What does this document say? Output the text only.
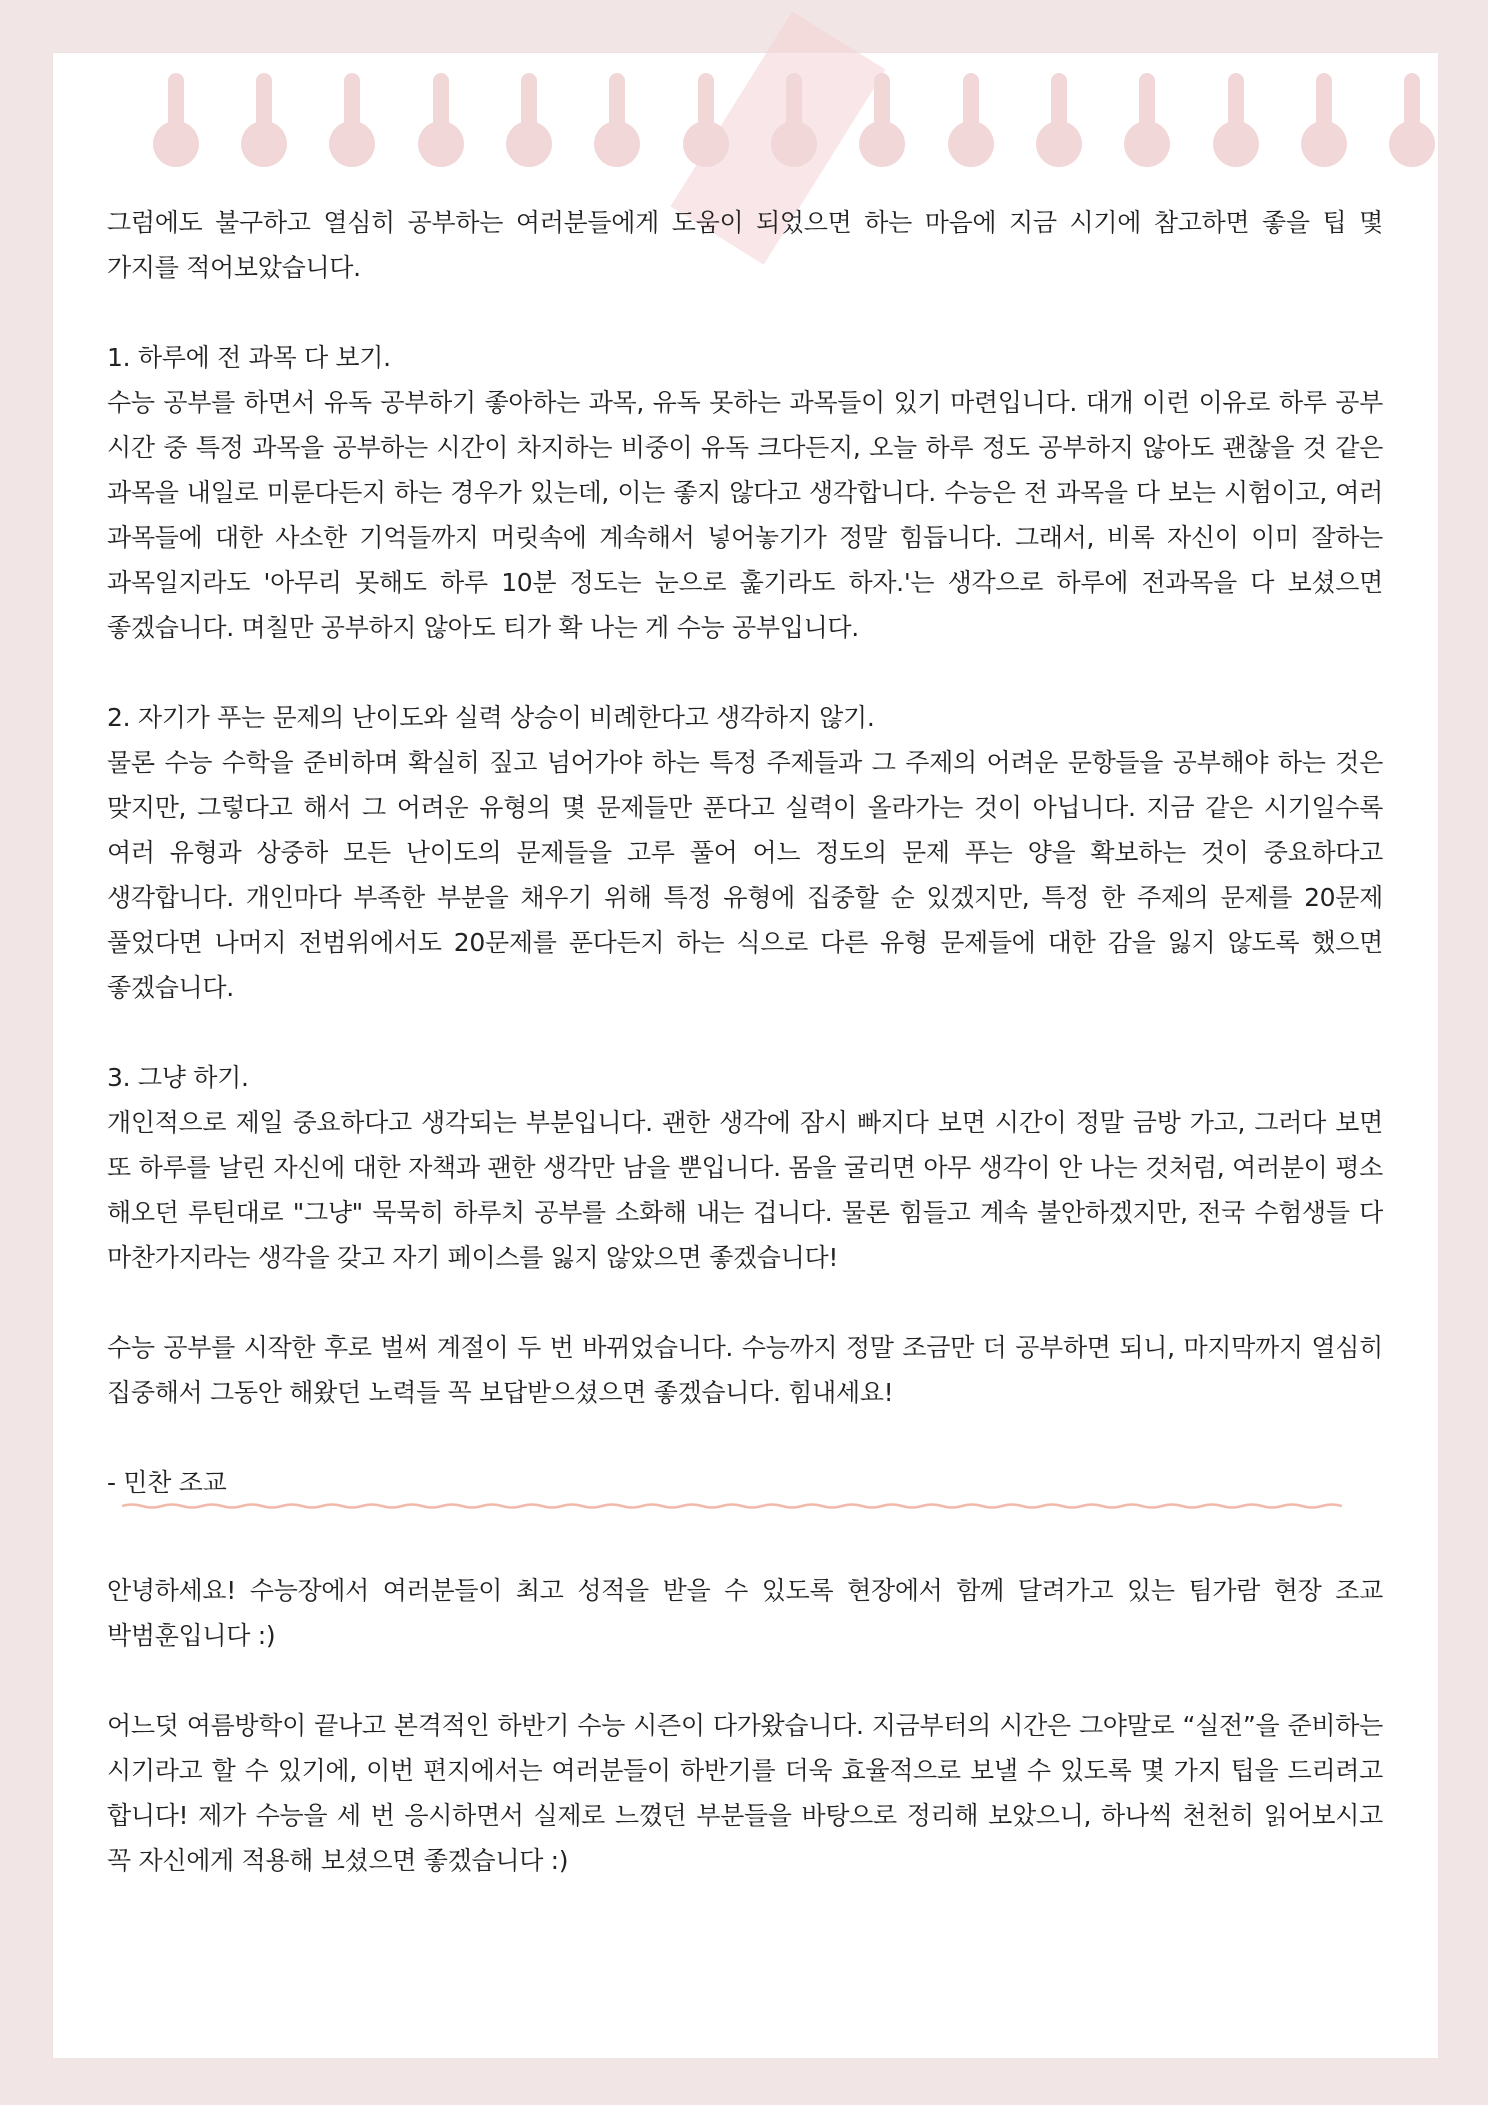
그럼에도 불구하고 열심히 공부하는 여러분들에게 도움이 되었으면 하는 마음에 지금 시기에 참고하면 좋을 팁 몇 가지를 적어보았습니다.

1. 하루에 전 과목 다 보기.

수능 공부를 하면서 유독 공부하기 좋아하는 과목, 유독 못하는 과목들이 있기 마련입니다. 대개 이런 이유로 하루 공부 시간 중 특정 과목을 공부하는 시간이 차지하는 비중이 유독 크다든지, 오늘 하루 정도 공부하지 않아도 괜찮을 것 같은 과목을 내일로 미룬다든지 하는 경우가 있는데, 이는 좋지 않다고 생각합니다. 수능은 전 과목을 다 보는 시험이고, 여러 과목들에 대한 사소한 기억들까지 머릿속에 계속해서 넣어놓기가 정말 힘듭니다. 그래서, 비록 자신이 이미 잘하는 과목일지라도 '아무리 못해도 하루 10분 정도는 눈으로 훑기라도 하자.'는 생각으로 하루에 전과목을 다 보셨으면 좋겠습니다. 며칠만 공부하지 않아도 티가 확 나는 게 수능 공부입니다.

2. 자기가 푸는 문제의 난이도와 실력 상승이 비례한다고 생각하지 않기.

물론 수능 수학을 준비하며 확실히 짚고 넘어가야 하는 특정 주제들과 그 주제의 어려운 문항들을 공부해야 하는 것은 맞지만, 그렇다고 해서 그 어려운 유형의 몇 문제들만 푼다고 실력이 올라가는 것이 아닙니다. 지금 같은 시기일수록 여러 유형과 상중하 모든 난이도의 문제들을 고루 풀어 어느 정도의 문제 푸는 양을 확보하는 것이 중요하다고 생각합니다. 개인마다 부족한 부분을 채우기 위해 특정 유형에 집중할 순 있겠지만, 특정 한 주제의 문제를 20문제 풀었다면 나머지 전범위에서도 20문제를 푼다든지 하는 식으로 다른 유형 문제들에 대한 감을 잃지 않도록 했으면 좋겠습니다.

3. 그냥 하기.

개인적으로 제일 중요하다고 생각되는 부분입니다. 괜한 생각에 잠시 빠지다 보면 시간이 정말 금방 가고, 그러다 보면 또 하루를 날린 자신에 대한 자책과 괜한 생각만 남을 뿐입니다. 몸을 굴리면 아무 생각이 안 나는 것처럼, 여러분이 평소 해오던 루틴대로 "그냥" 묵묵히 하루치 공부를 소화해 내는 겁니다. 물론 힘들고 계속 불안하겠지만, 전국 수험생들 다 마찬가지라는 생각을 갖고 자기 페이스를 잃지 않았으면 좋겠습니다!

수능 공부를 시작한 후로 벌써 계절이 두 번 바뀌었습니다. 수능까지 정말 조금만 더 공부하면 되니, 마지막까지 열심히 집중해서 그동안 해왔던 노력들 꼭 보답받으셨으면 좋겠습니다. 힘내세요!

- 민찬 조교

안녕하세요! 수능장에서 여러분들이 최고 성적을 받을 수 있도록 현장에서 함께 달려가고 있는 팀가람 현장 조교 박범훈입니다 :)

어느덧 여름방학이 끝나고 본격적인 하반기 수능 시즌이 다가왔습니다. 지금부터의 시간은 그야말로 “실전”을 준비하는 시기라고 할 수 있기에, 이번 편지에서는 여러분들이 하반기를 더욱 효율적으로 보낼 수 있도록 몇 가지 팁을 드리려고 합니다! 제가 수능을 세 번 응시하면서 실제로 느꼈던 부분들을 바탕으로 정리해 보았으니, 하나씩 천천히 읽어보시고 꼭 자신에게 적용해 보셨으면 좋겠습니다 :)
